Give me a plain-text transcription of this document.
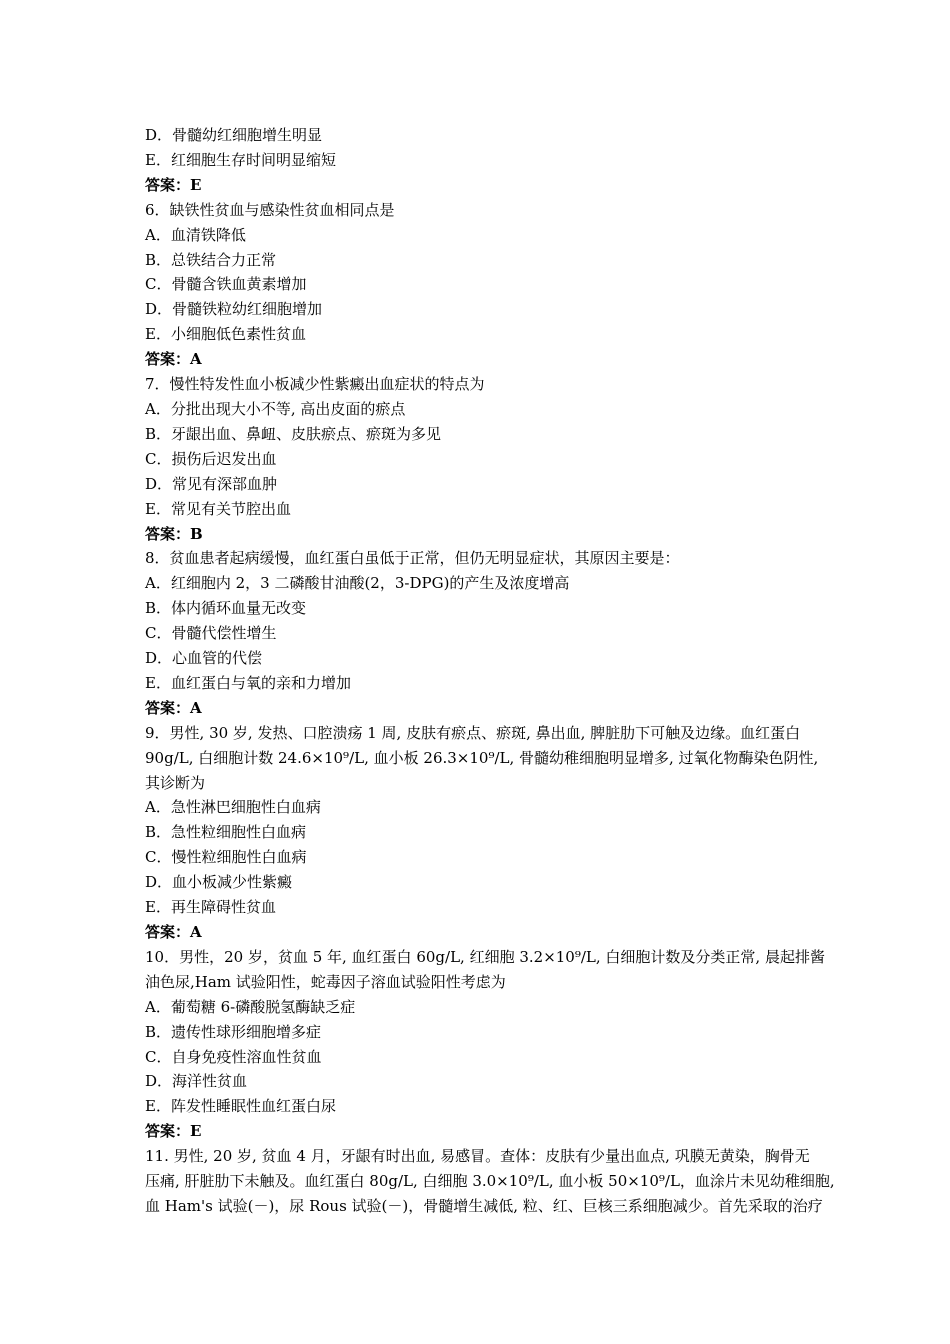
D．骨髓幼红细胞增生明显
E．红细胞生存时间明显缩短
答案：E
6．缺铁性贫血与感染性贫血相同点是
A．血清铁降低
B．总铁结合力正常
C．骨髓含铁血黄素增加
D．骨髓铁粒幼红细胞增加
E．小细胞低色素性贫血
答案：A
7．慢性特发性血小板减少性紫癜出血症状的特点为
A．分批出现大小不等, 高出皮面的瘀点
B．牙龈出血、鼻衄、皮肤瘀点、瘀斑为多见
C．损伤后迟发出血
D．常见有深部血肿
E．常见有关节腔出血
答案：B
8．贫血患者起病缓慢，血红蛋白虽低于正常，但仍无明显症状，其原因主要是：
A．红细胞内 2，3 二磷酸甘油酸(2，3-DPG)的产生及浓度增高
B．体内循环血量无改变
C．骨髓代偿性增生
D．心血管的代偿
E．血红蛋白与氧的亲和力增加
答案：A
9．男性, 30 岁, 发热、口腔溃疡 1 周, 皮肤有瘀点、瘀斑, 鼻出血, 脾脏肋下可触及边缘。血红蛋白
90g/L, 白细胞计数 24.6×10⁹/L, 血小板 26.3×10⁹/L, 骨髓幼稚细胞明显增多, 过氧化物酶染色阴性,
其诊断为
A．急性淋巴细胞性白血病
B．急性粒细胞性白血病
C．慢性粒细胞性白血病
D．血小板减少性紫癜
E．再生障碍性贫血
答案：A
10．男性，20 岁，贫血 5 年, 血红蛋白 60g/L, 红细胞 3.2×10⁹/L, 白细胞计数及分类正常, 晨起排酱
油色尿,Ham 试验阳性，蛇毒因子溶血试验阳性考虑为
A．葡萄糖 6-磷酸脱氢酶缺乏症
B．遗传性球形细胞增多症
C．自身免疫性溶血性贫血
D．海洋性贫血
E．阵发性睡眠性血红蛋白尿
答案：E
11. 男性, 20 岁, 贫血 4 月，牙龈有时出血, 易感冒。查体：皮肤有少量出血点, 巩膜无黄染，胸骨无
压痛, 肝脏肋下未触及。血红蛋白 80g/L, 白细胞 3.0×10⁹/L, 血小板 50×10⁹/L，血涂片未见幼稚细胞,
血 Ham's 试验(－)，尿 Rous 试验(－)，骨髓增生减低, 粒、红、巨核三系细胞减少。首先采取的治疗
